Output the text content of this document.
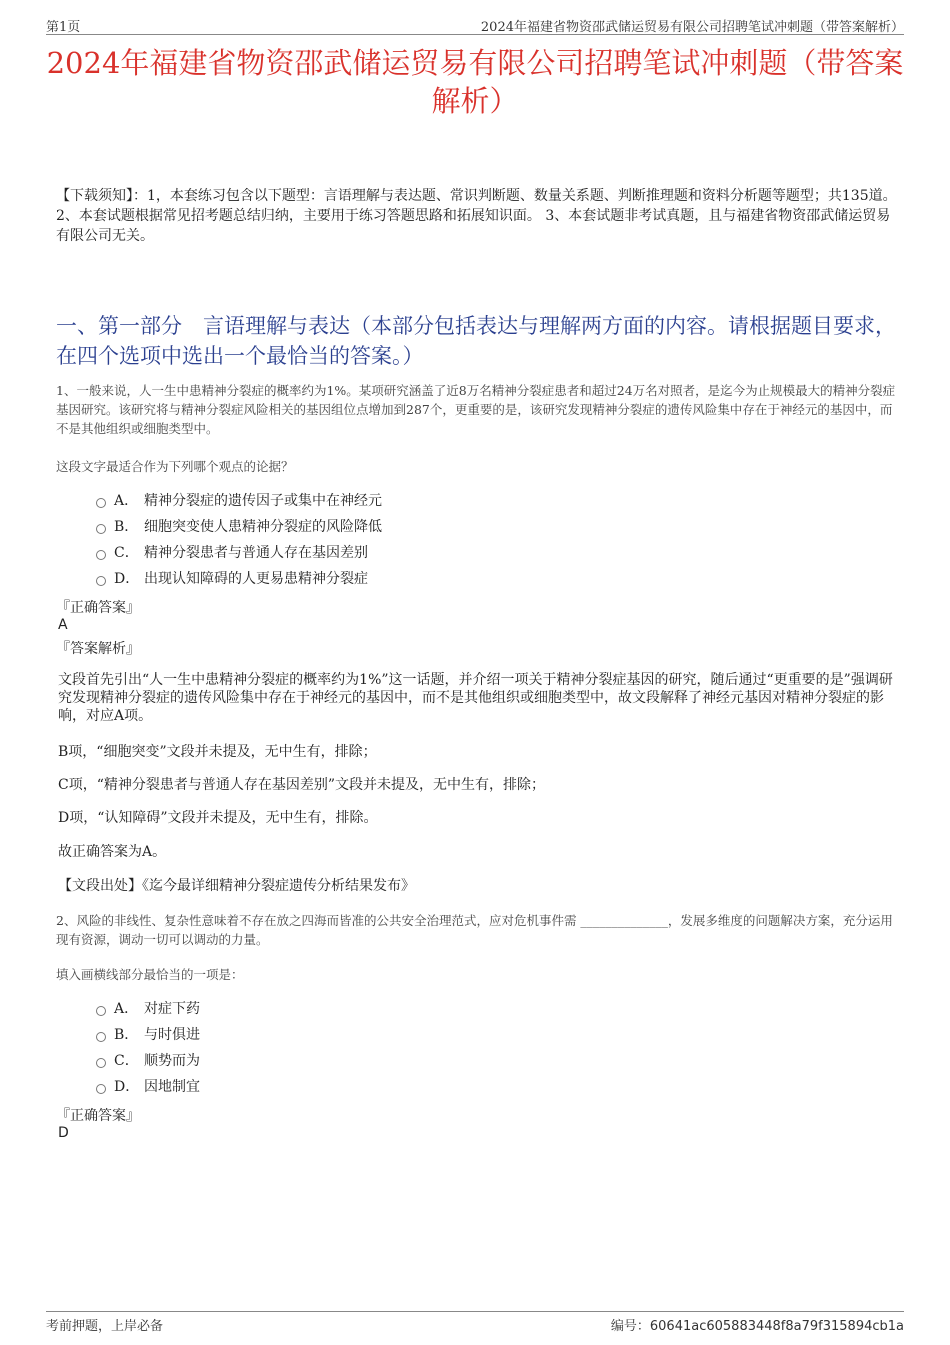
第1页	2024年福建省物资邵武储运贸易有限公司招聘笔试冲刺题（带答案解析）
2024年福建省物资邵武储运贸易有限公司招聘笔试冲刺题（带答案解析）

【下载须知】：1，本套练习包含以下题型：言语理解与表达题、常识判断题、数量关系题、判断推理题和资料分析题等题型；共135道。 2、本套试题根据常见招考题总结归纳，主要用于练习答题思路和拓展知识面。 3、本套试题非考试真题，且与福建省物资邵武储运贸易有限公司无关。

一、第一部分　言语理解与表达（本部分包括表达与理解两方面的内容。请根据题目要求，在四个选项中选出一个最恰当的答案。）

1、一般来说，人一生中患精神分裂症的概率约为1%。某项研究涵盖了近8万名精神分裂症患者和超过24万名对照者，是迄今为止规模最大的精神分裂症基因研究。该研究将与精神分裂症风险相关的基因组位点增加到287个，更重要的是，该研究发现精神分裂症的遗传风险集中存在于神经元的基因中，而不是其他组织或细胞类型中。

这段文字最适合作为下列哪个观点的论据？

A． 精神分裂症的遗传因子或集中在神经元
B． 细胞突变使人患精神分裂症的风险降低
C． 精神分裂患者与普通人存在基因差别
D． 出现认知障碍的人更易患精神分裂症
『正确答案』
A
『答案解析』

文段首先引出“人一生中患精神分裂症的概率约为1%”这一话题，并介绍一项关于精神分裂症基因的研究，随后通过“更重要的是”强调研究发现精神分裂症的遗传风险集中存在于神经元的基因中，而不是其他组织或细胞类型中，故文段解释了神经元基因对精神分裂症的影响，对应A项。

B项，“细胞突变”文段并未提及，无中生有，排除；

C项，“精神分裂患者与普通人存在基因差别”文段并未提及，无中生有，排除；

D项，“认知障碍”文段并未提及，无中生有，排除。

故正确答案为A。

【文段出处】《迄今最详细精神分裂症遗传分析结果发布》

2、风险的非线性、复杂性意味着不存在放之四海而皆准的公共安全治理范式，应对危机事件需 ______________，发展多维度的问题解决方案，充分运用现有资源，调动一切可以调动的力量。

填入画横线部分最恰当的一项是：

A． 对症下药
B． 与时俱进
C． 顺势而为
D． 因地制宜
『正确答案』
D
考前押题，上岸必备	编号：60641ac605883448f8a79f315894cb1a
